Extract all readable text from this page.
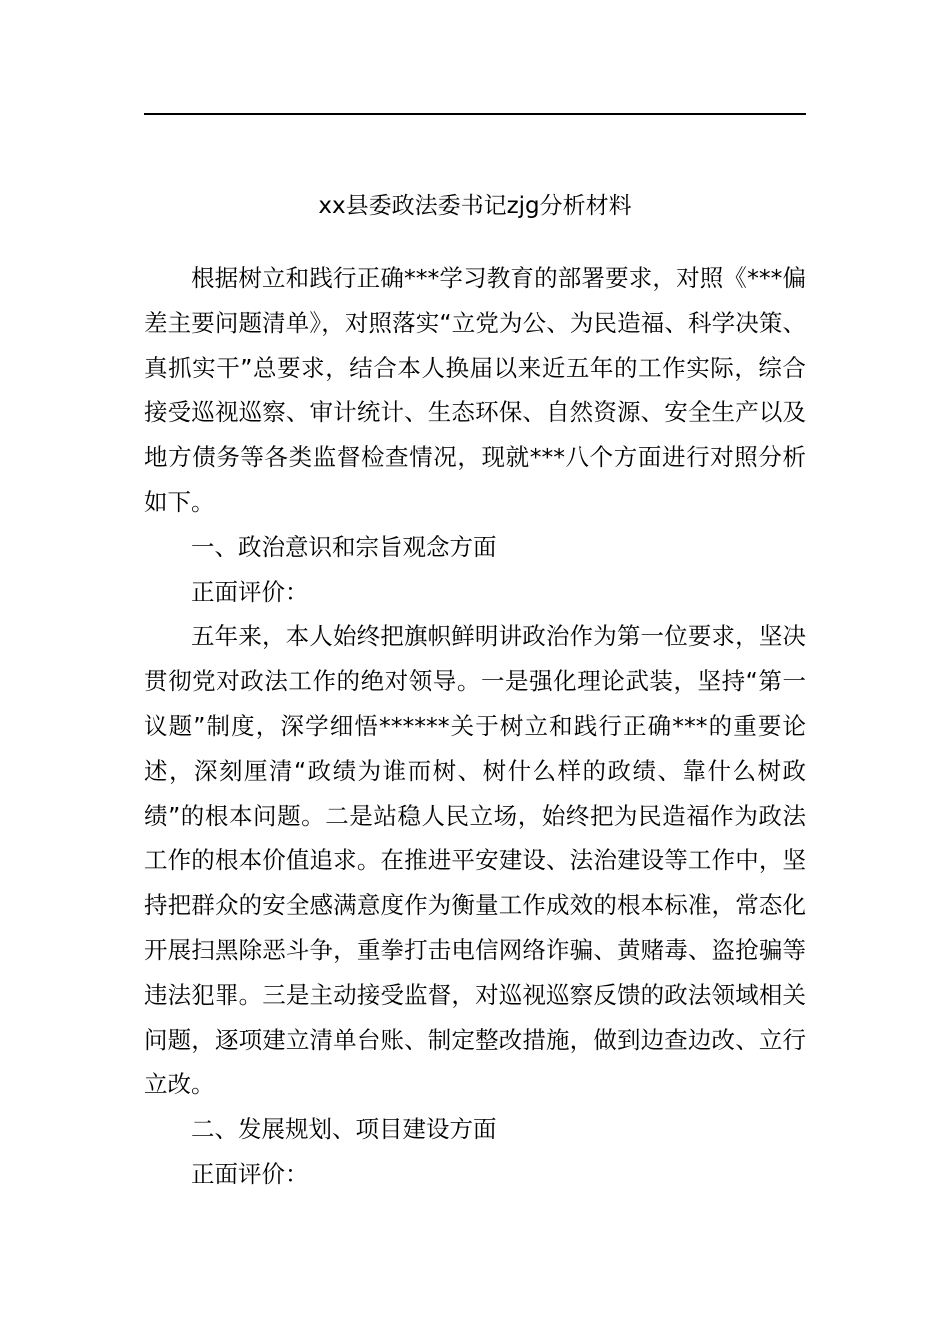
xx县委政法委书记zjg分析材料

根据树立和践行正确***学习教育的部署要求，对照《***偏差主要问题清单》，对照落实“立党为公、为民造福、科学决策、真抓实干”总要求，结合本人换届以来近五年的工作实际，综合接受巡视巡察、审计统计、生态环保、自然资源、安全生产以及地方债务等各类监督检查情况，现就***八个方面进行对照分析如下。

一、政治意识和宗旨观念方面

正面评价：

五年来，本人始终把旗帜鲜明讲政治作为第一位要求，坚决贯彻党对政法工作的绝对领导。一是强化理论武装，坚持“第一议题”制度，深学细悟******关于树立和践行正确***的重要论述，深刻厘清“政绩为谁而树、树什么样的政绩、靠什么树政绩”的根本问题。二是站稳人民立场，始终把为民造福作为政法工作的根本价值追求。在推进平安建设、法治建设等工作中，坚持把群众的安全感满意度作为衡量工作成效的根本标准，常态化开展扫黑除恶斗争，重拳打击电信网络诈骗、黄赌毒、盗抢骗等违法犯罪。三是主动接受监督，对巡视巡察反馈的政法领域相关问题，逐项建立清单台账、制定整改措施，做到边查边改、立行立改。

二、发展规划、项目建设方面

正面评价：
